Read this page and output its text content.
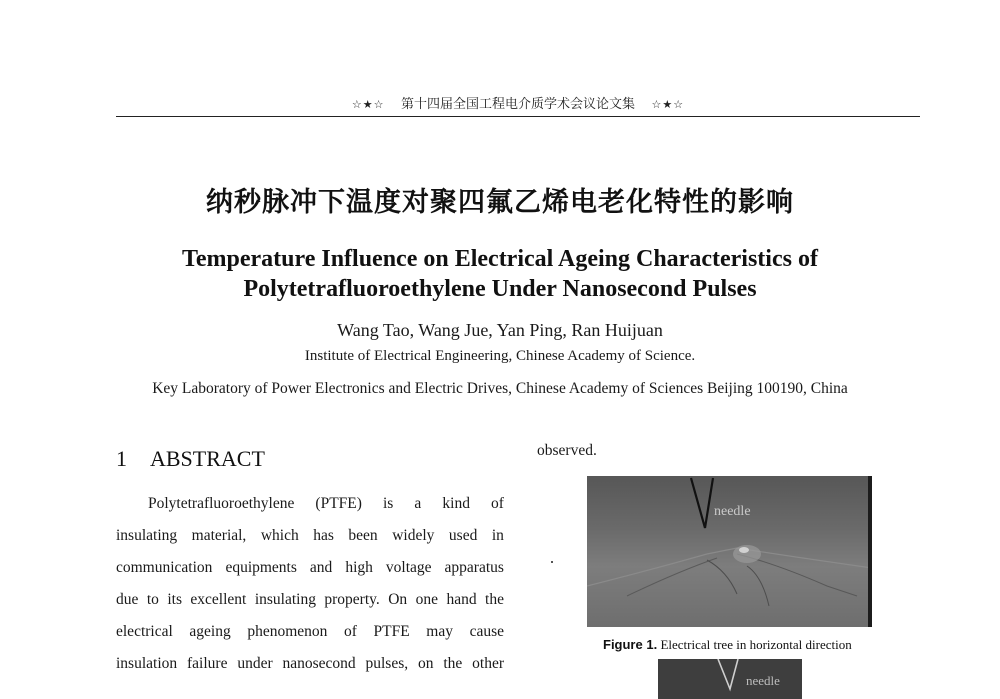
☆★☆ 第十四届全国工程电介质学术会议论文集 ☆★☆
纳秒脉冲下温度对聚四氟乙烯电老化特性的影响
Temperature Influence on Electrical Ageing Characteristics of
Polytetrafluoroethylene Under Nanosecond Pulses
Wang Tao, Wang Jue, Yan Ping, Ran Huijuan
Institute of Electrical Engineering, Chinese Academy of Science.
Key Laboratory of Power Electronics and Electric Drives, Chinese Academy of Sciences Beijing 100190, China
1 ABSTRACT
Polytetrafluoroethylene (PTFE) is a kind of
insulating material, which has been widely used in
communication equipments and high voltage apparatus
due to its excellent insulating property. On one hand the
electrical ageing phenomenon of PTFE may cause
insulation failure under nanosecond pulses, on the other
observed.
needle
Figure 1. Electrical tree in horizontal direction
needle
